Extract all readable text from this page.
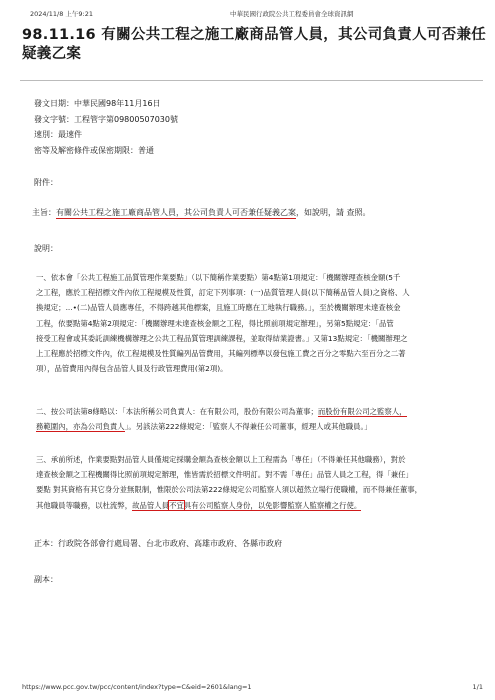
2024/11/8 上午9:21	中華民國行政院公共工程委員會全球資訊網
98.11.16 有關公共工程之施工廠商品管人員，其公司負責人可否兼任疑義乙案
發文日期：中華民國98年11月16日
發文字號：工程管字第09800507030號
速別：最速件
密等及解密條件或保密期限：普通
附件：
主旨：有關公共工程之施工廠商品管人員，其公司負責人可否兼任疑義乙案，如說明，請 查照。
說明：
一、依本會「公共工程施工品質管理作業要點」（以下簡稱作業要點）第4點第1項規定：「機關辦理查核金額(5千
之工程，應於工程招標文件內依工程規模及性質，訂定下列事項：(一)品質管理人員(以下簡稱品管人員)之資格、人
換規定；...•(二)品管人員應專任，不得跨越其他標案，且施工時應在工地執行職務。」，至於機關辦理未達查核金
工程，依要點第4點第2項規定：「機關辦理未達查核金額之工程，得比照前項規定辦理」，另第5點規定：「品管
接受工程會或其委託訓練機構辦理之公共工程品質管理訓練課程，並取得結業證書。」又第13點規定：「機關辦理之
上工程應於招標文件內，依工程規模及性質編列品管費用，其編列標準以發包施工費之百分之零點六至百分之二著
項），品管費用內得包含品管人員及行政管理費用(第2項)。
二、按公司法第8條略以：「本法所稱公司負責人：在有限公司，股份有限公司為董事；而股份有限公司之監察人，
務範圍內，亦為公司負責人」。另該法第222條規定：「監察人不得兼任公司董事，經理人或其他職員。」
三、承前所述，作業要點對品管人員僅規定採購金額為查核金額以上工程需為「專任」（不得兼任其他職務），對於
達查核金額之工程機關得比照前項規定辦理，惟皆需於招標文件明訂。對不需「專任」品管人員之工程，得「兼任」
要點 對其資格有其它身分並無限制，惟限於公司法第222條規定公司監察人須以超然立場行使職權，而不得兼任董事，
其他職員等職務，以杜流弊，故品管人員不宜具有公司監察人身份，以免影響監察人監察權之行使。
正本：行政院各部會行處局署、台北市政府、高雄市政府、各縣市政府
副本：
https://www.pcc.gov.tw/pcc/content/index?type=C&eid=2601&lang=1	1/1
